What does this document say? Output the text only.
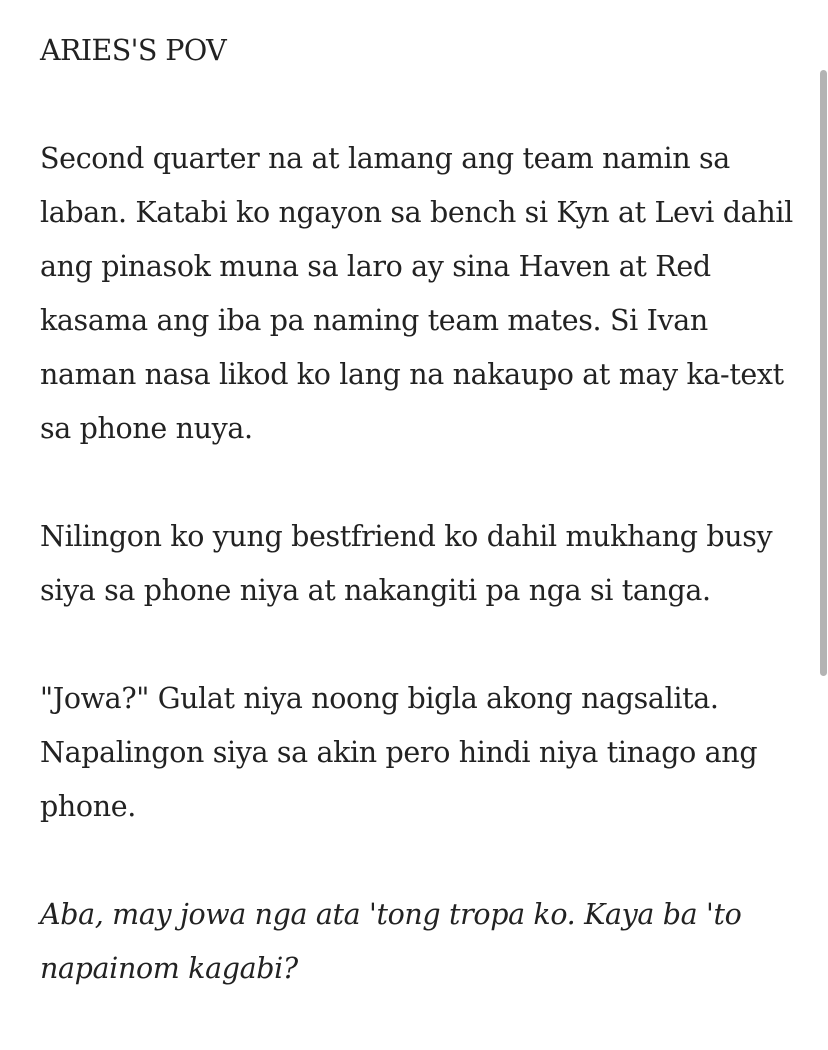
ARIES'S POV

Second quarter na at lamang ang team namin sa laban. Katabi ko ngayon sa bench si Kyn at Levi dahil ang pinasok muna sa laro ay sina Haven at Red kasama ang iba pa naming team mates. Si Ivan naman nasa likod ko lang na nakaupo at may ka-text sa phone nuya.

Nilingon ko yung bestfriend ko dahil mukhang busy siya sa phone niya at nakangiti pa nga si tanga.

"Jowa?" Gulat niya noong bigla akong nagsalita. Napalingon siya sa akin pero hindi niya tinago ang phone.

Aba, may jowa nga ata 'tong tropa ko. Kaya ba 'to napainom kagabi?
